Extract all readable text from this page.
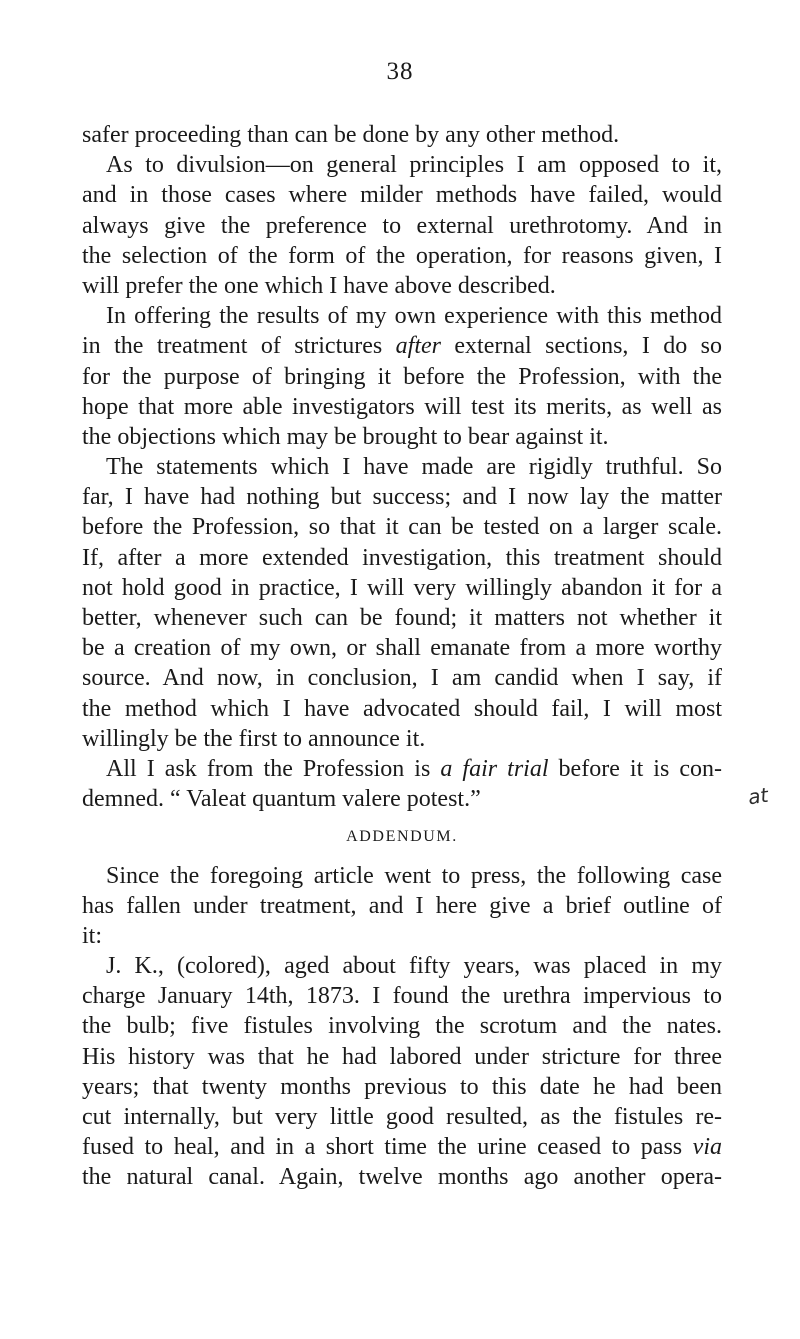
38
safer proceeding than can be done by any other method.
As to divulsion—on general principles I am opposed to it,
and in those cases where milder methods have failed, would
always give the preference to external urethrotomy. And in
the selection of the form of the operation, for reasons given, I
will prefer the one which I have above described.
In offering the results of my own experience with this method
in the treatment of strictures after external sections, I do so
for the purpose of bringing it before the Profession, with the
hope that more able investigators will test its merits, as well as
the objections which may be brought to bear against it.
The statements which I have made are rigidly truthful. So
far, I have had nothing but success; and I now lay the matter
before the Profession, so that it can be tested on a larger scale.
If, after a more extended investigation, this treatment should
not hold good in practice, I will very willingly abandon it for a
better, whenever such can be found; it matters not whether it
be a creation of my own, or shall emanate from a more worthy
source. And now, in conclusion, I am candid when I say, if
the method which I have advocated should fail, I will most
willingly be the first to announce it.
All I ask from the Profession is a fair trial before it is con-
demned. “ Valeat quantum valere potest.”
ADDENDUM.
Since the foregoing article went to press, the following case
has fallen under treatment, and I here give a brief outline of
it:
J. K., (colored), aged about fifty years, was placed in my
charge January 14th, 1873. I found the urethra impervious to
the bulb; five fistules involving the scrotum and the nates.
His history was that he had labored under stricture for three
years; that twenty months previous to this date he had been
cut internally, but very little good resulted, as the fistules re-
fused to heal, and in a short time the urine ceased to pass via
the natural canal. Again, twelve months ago another opera-
at
